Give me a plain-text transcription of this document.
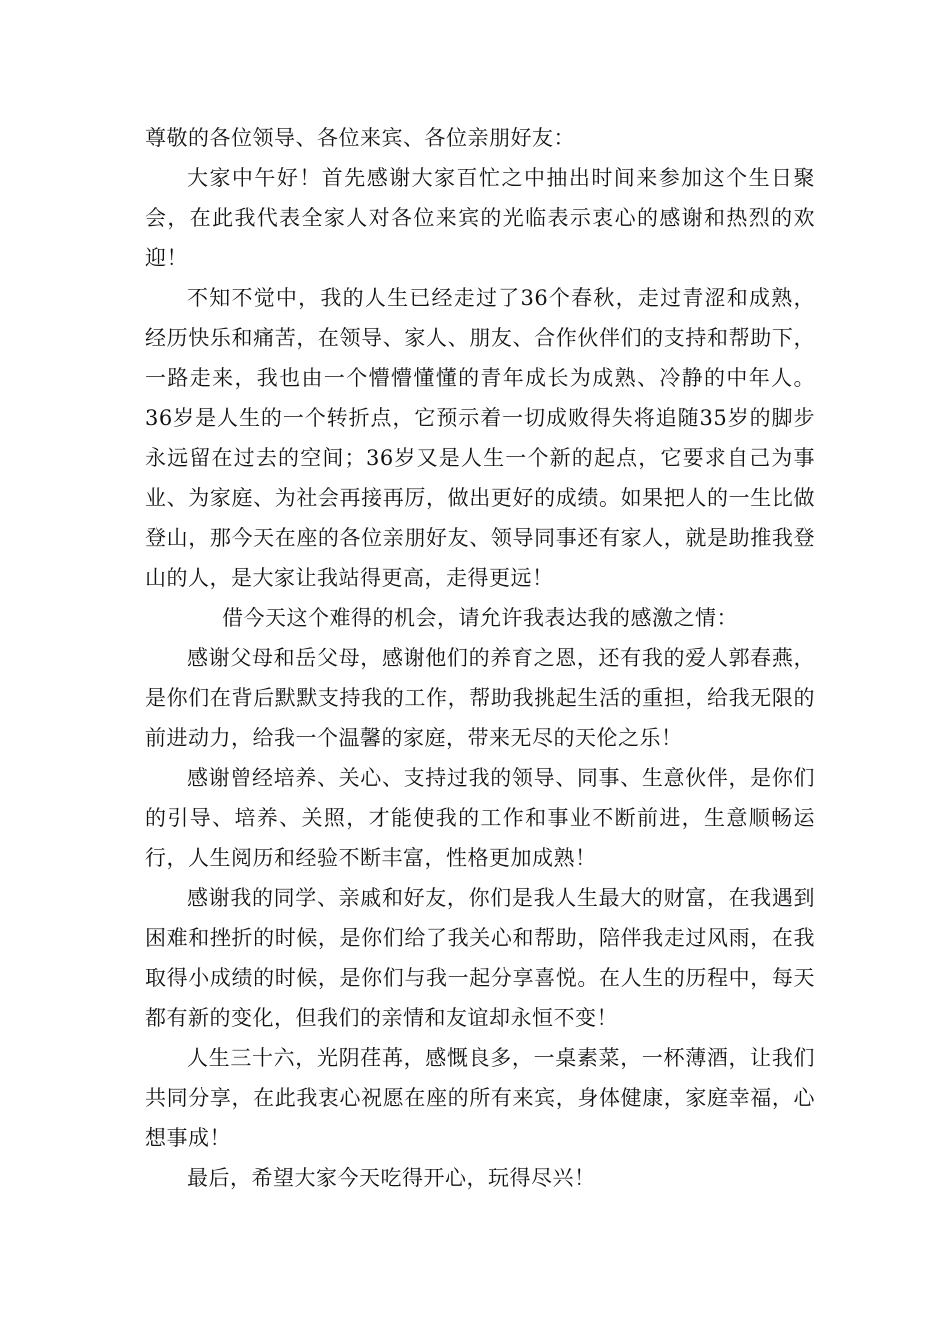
尊敬的各位领导、各位来宾、各位亲朋好友：

大家中午好！首先感谢大家百忙之中抽出时间来参加这个生日聚会，在此我代表全家人对各位来宾的光临表示衷心的感谢和热烈的欢迎！

不知不觉中，我的人生已经走过了36个春秋，走过青涩和成熟，经历快乐和痛苦，在领导、家人、朋友、合作伙伴们的支持和帮助下，一路走来，我也由一个懵懵懂懂的青年成长为成熟、冷静的中年人。36岁是人生的一个转折点，它预示着一切成败得失将追随35岁的脚步永远留在过去的空间；36岁又是人生一个新的起点，它要求自己为事业、为家庭、为社会再接再厉，做出更好的成绩。如果把人的一生比做登山，那今天在座的各位亲朋好友、领导同事还有家人，就是助推我登山的人，是大家让我站得更高，走得更远！

借今天这个难得的机会，请允许我表达我的感激之情：

感谢父母和岳父母，感谢他们的养育之恩，还有我的爱人郭春燕，是你们在背后默默支持我的工作，帮助我挑起生活的重担，给我无限的前进动力，给我一个温馨的家庭，带来无尽的天伦之乐！

感谢曾经培养、关心、支持过我的领导、同事、生意伙伴，是你们的引导、培养、关照，才能使我的工作和事业不断前进，生意顺畅运行，人生阅历和经验不断丰富，性格更加成熟！

感谢我的同学、亲戚和好友，你们是我人生最大的财富，在我遇到困难和挫折的时候，是你们给了我关心和帮助，陪伴我走过风雨，在我取得小成绩的时候，是你们与我一起分享喜悦。在人生的历程中，每天都有新的变化，但我们的亲情和友谊却永恒不变！

人生三十六，光阴荏苒，感慨良多，一桌素菜，一杯薄酒，让我们共同分享，在此我衷心祝愿在座的所有来宾，身体健康，家庭幸福，心想事成！

最后，希望大家今天吃得开心，玩得尽兴！
